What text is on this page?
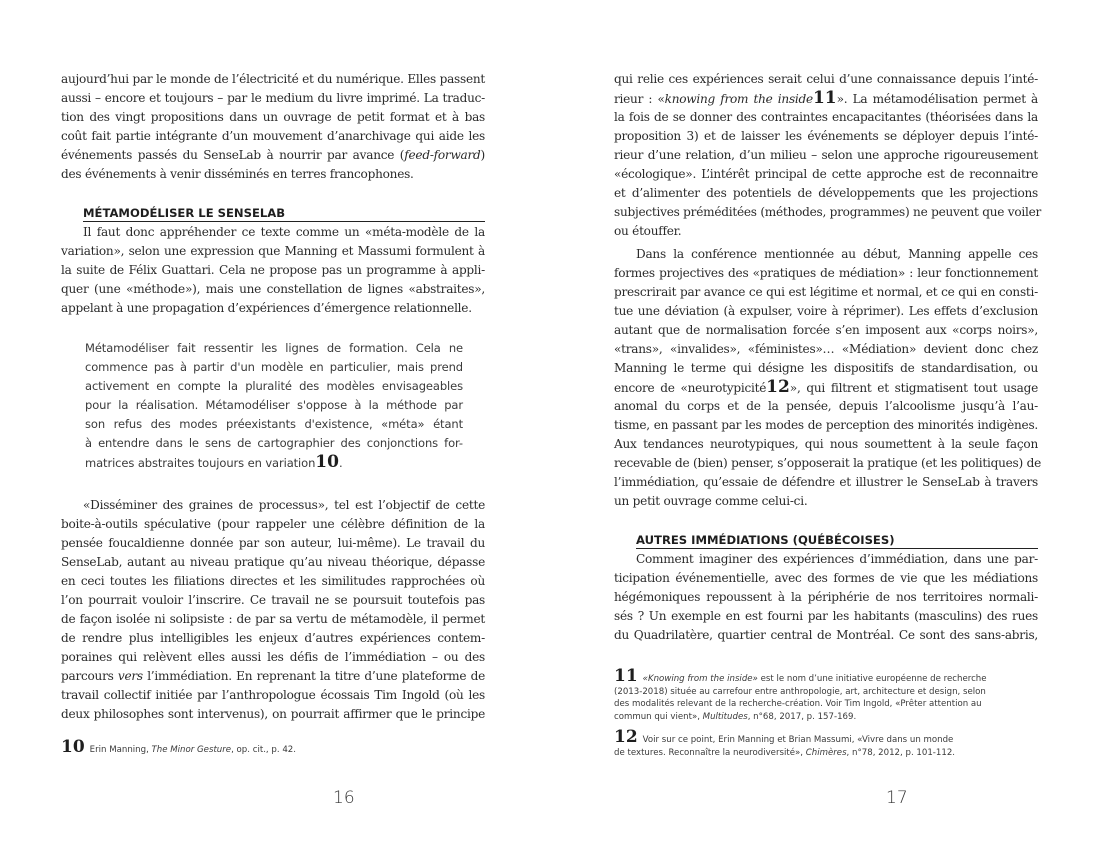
aujourd’hui par le monde de l’électricité et du numérique. Elles passent
aussi – encore et toujours – par le medium du livre imprimé. La traduc-
tion des vingt propositions dans un ouvrage de petit format et à bas
coût fait partie intégrante d’un mouvement d’anarchivage qui aide les
événements passés du SenseLab à nourrir par avance (feed-forward)
des événements à venir disséminés en terres francophones.
MÉTAMODÉLISER LE SENSELAB
Il faut donc appréhender ce texte comme un «méta-modèle de la
variation», selon une expression que Manning et Massumi formulent à
la suite de Félix Guattari. Cela ne propose pas un programme à appli-
quer (une «méthode»), mais une constellation de lignes «abstraites»,
appelant à une propagation d’expériences d’émergence relationnelle.
Métamodéliser fait ressentir les lignes de formation. Cela ne
commence pas à partir d'un modèle en particulier, mais prend
activement en compte la pluralité des modèles envisageables
pour la réalisation. Métamodéliser s'oppose à la méthode par
son refus des modes préexistants d'existence, «méta» étant
à entendre dans le sens de cartographier des conjonctions for-
matrices abstraites toujours en variation10.
«Disséminer des graines de processus», tel est l’objectif de cette
boite-à-outils spéculative (pour rappeler une célèbre définition de la
pensée foucaldienne donnée par son auteur, lui-même). Le travail du
SenseLab, autant au niveau pratique qu’au niveau théorique, dépasse
en ceci toutes les filiations directes et les similitudes rapprochées où
l’on pourrait vouloir l’inscrire. Ce travail ne se poursuit toutefois pas
de façon isolée ni solipsiste : de par sa vertu de métamodèle, il permet
de rendre plus intelligibles les enjeux d’autres expériences contem-
poraines qui relèvent elles aussi les défis de l’immédiation – ou des
parcours vers l’immédiation. En reprenant la titre d’une plateforme de
travail collectif initiée par l’anthropologue écossais Tim Ingold (où les
deux philosophes sont intervenus), on pourrait affirmer que le principe
10 Erin Manning, The Minor Gesture, op. cit., p. 42.
16
qui relie ces expériences serait celui d’une connaissance depuis l’inté-
rieur : «knowing from the inside11». La métamodélisation permet à
la fois de se donner des contraintes encapacitantes (théorisées dans la
proposition 3) et de laisser les événements se déployer depuis l’inté-
rieur d’une relation, d’un milieu – selon une approche rigoureusement
«écologique». L’intérêt principal de cette approche est de reconnaitre
et d’alimenter des potentiels de développements que les projections
subjectives préméditées (méthodes, programmes) ne peuvent que voiler
ou étouffer.
Dans la conférence mentionnée au début, Manning appelle ces
formes projectives des «pratiques de médiation» : leur fonctionnement
prescrirait par avance ce qui est légitime et normal, et ce qui en consti-
tue une déviation (à expulser, voire à réprimer). Les effets d’exclusion
autant que de normalisation forcée s’en imposent aux «corps noirs»,
«trans», «invalides», «féministes»… «Médiation» devient donc chez
Manning le terme qui désigne les dispositifs de standardisation, ou
encore de «neurotypicité12», qui filtrent et stigmatisent tout usage
anomal du corps et de la pensée, depuis l’alcoolisme jusqu’à l’au-
tisme, en passant par les modes de perception des minorités indigènes.
Aux tendances neurotypiques, qui nous soumettent à la seule façon
recevable de (bien) penser, s’opposerait la pratique (et les politiques) de
l’immédiation, qu’essaie de défendre et illustrer le SenseLab à travers
un petit ouvrage comme celui-ci.
AUTRES IMMÉDIATIONS (QUÉBÉCOISES)
Comment imaginer des expériences d’immédiation, dans une par-
ticipation événementielle, avec des formes de vie que les médiations
hégémoniques repoussent à la périphérie de nos territoires normali-
sés ? Un exemple en est fourni par les habitants (masculins) des rues
du Quadrilatère, quartier central de Montréal. Ce sont des sans-abris,
11 «Knowing from the inside» est le nom d’une initiative européenne de recherche
(2013-2018) située au carrefour entre anthropologie, art, architecture et design, selon
des modalités relevant de la recherche-création. Voir Tim Ingold, «Prêter attention au
commun qui vient», Multitudes, n°68, 2017, p. 157-169.
12 Voir sur ce point, Erin Manning et Brian Massumi, «Vivre dans un monde
de textures. Reconnaître la neurodiversité», Chimères, n°78, 2012, p. 101-112.
17
